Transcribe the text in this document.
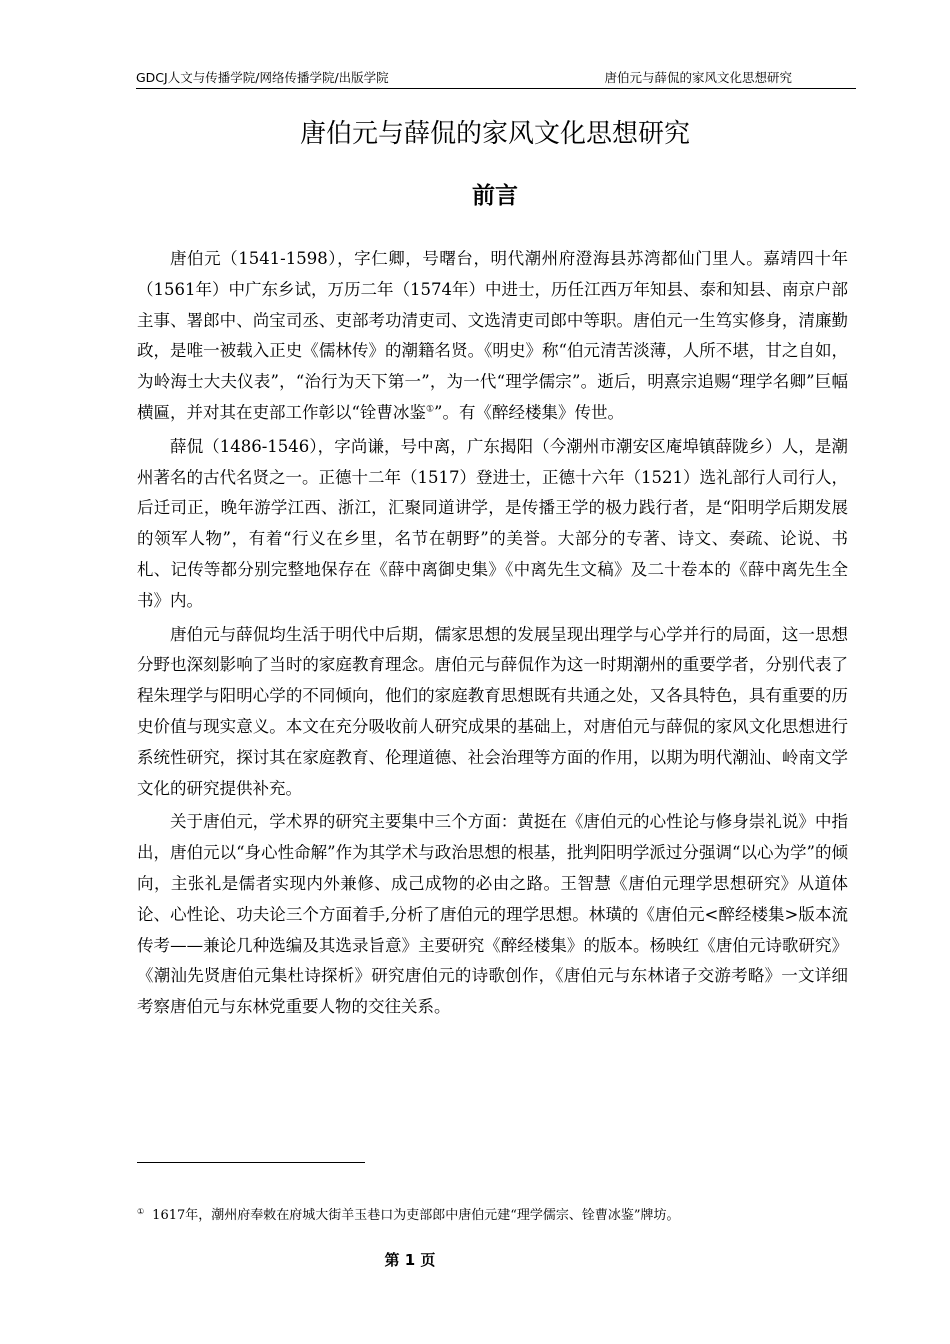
GDCJ人文与传播学院/网络传播学院/出版学院	唐伯元与薛侃的家风文化思想研究
唐伯元与薛侃的家风文化思想研究
前言

唐伯元（1541-1598），字仁卿，号曙台，明代潮州府澄海县苏湾都仙门里人。嘉靖四十年（1561年）中广东乡试，万历二年（1574年）中进士，历任江西万年知县、泰和知县、南京户部主事、署郎中、尚宝司丞、吏部考功清吏司、文选清吏司郎中等职。唐伯元一生笃实修身，清廉勤政，是唯一被载入正史《儒林传》的潮籍名贤。《明史》称“伯元清苦淡薄，人所不堪，甘之自如，为岭海士大夫仪表”，“治行为天下第一”，为一代“理学儒宗”。逝后，明熹宗追赐“理学名卿”巨幅横匾，并对其在吏部工作彰以“铨曹冰鉴①”。有《醉经楼集》传世。

薛侃（1486-1546），字尚谦，号中离，广东揭阳（今潮州市潮安区庵埠镇薛陇乡）人，是潮州著名的古代名贤之一。正德十二年（1517）登进士，正德十六年（1521）选礼部行人司行人，后迁司正，晚年游学江西、浙江，汇聚同道讲学，是传播王学的极力践行者，是“阳明学后期发展的领军人物”，有着“行义在乡里，名节在朝野”的美誉。大部分的专著、诗文、奏疏、论说、书札、记传等都分别完整地保存在《薛中离御史集》《中离先生文稿》及二十卷本的《薛中离先生全书》内。

唐伯元与薛侃均生活于明代中后期，儒家思想的发展呈现出理学与心学并行的局面，这一思想分野也深刻影响了当时的家庭教育理念。唐伯元与薛侃作为这一时期潮州的重要学者，分别代表了程朱理学与阳明心学的不同倾向，他们的家庭教育思想既有共通之处，又各具特色，具有重要的历史价值与现实意义。本文在充分吸收前人研究成果的基础上，对唐伯元与薛侃的家风文化思想进行系统性研究，探讨其在家庭教育、伦理道德、社会治理等方面的作用，以期为明代潮汕、岭南文学文化的研究提供补充。

关于唐伯元，学术界的研究主要集中三个方面：黄挺在《唐伯元的心性论与修身崇礼说》中指出，唐伯元以“身心性命解”作为其学术与政治思想的根基，批判阳明学派过分强调“以心为学”的倾向，主张礼是儒者实现内外兼修、成己成物的必由之路。王智慧《唐伯元理学思想研究》从道体论、心性论、功夫论三个方面着手,分析了唐伯元的理学思想。林璜的《唐伯元<醉经楼集>版本流传考——兼论几种选编及其选录旨意》主要研究《醉经楼集》的版本。杨映红《唐伯元诗歌研究》《潮汕先贤唐伯元集杜诗探析》研究唐伯元的诗歌创作，《唐伯元与东林诸子交游考略》一文详细考察唐伯元与东林党重要人物的交往关系。

① 1617年，潮州府奉敕在府城大街羊玉巷口为吏部郎中唐伯元建“理学儒宗、铨曹冰鉴”牌坊。
第 1 页
